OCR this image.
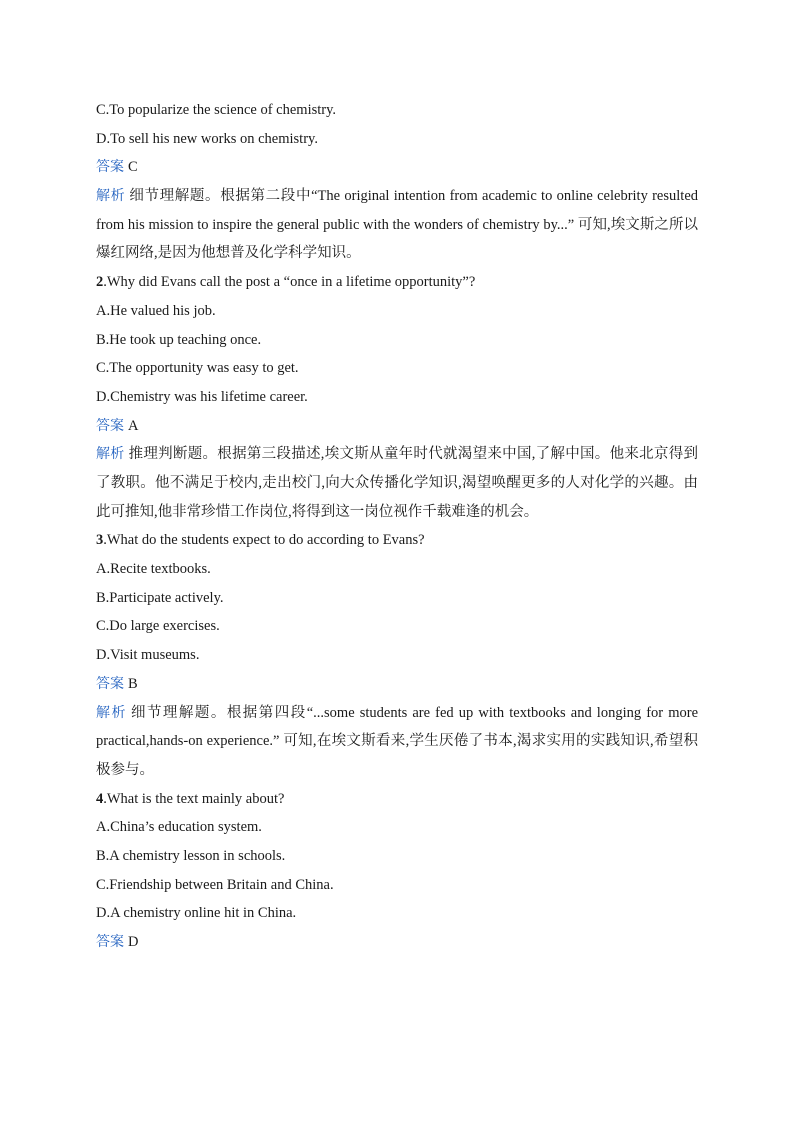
C.To popularize the science of chemistry.
D.To sell his new works on chemistry.
答案 C
解析 细节理解题。根据第二段中“The original intention from academic to online celebrity resulted from his mission to inspire the general public with the wonders of chemistry by...” 可知,埃文斯之所以爆红网络,是因为他想普及化学科学知识。
2.Why did Evans call the post a “once in a lifetime opportunity”?
A.He valued his job.
B.He took up teaching once.
C.The opportunity was easy to get.
D.Chemistry was his lifetime career.
答案 A
解析 推理判断题。根据第三段描述,埃文斯从童年时代就渴望来中国,了解中国。他来北京得到了教职。他不满足于校内,走出校门,向大众传播化学知识,渴望唤醒更多的人对化学的兴趣。由此可推知,他非常珍惜工作岗位,将得到这一岗位视作千载难逢的机会。
3.What do the students expect to do according to Evans?
A.Recite textbooks.
B.Participate actively.
C.Do large exercises.
D.Visit museums.
答案 B
解析 细节理解题。根据第四段“...some students are fed up with textbooks and longing for more practical,hands-on experience.” 可知,在埃文斯看来,学生厌倦了书本,渴求实用的实践知识,希望积极参与。
4.What is the text mainly about?
A.China’s education system.
B.A chemistry lesson in schools.
C.Friendship between Britain and China.
D.A chemistry online hit in China.
答案 D
